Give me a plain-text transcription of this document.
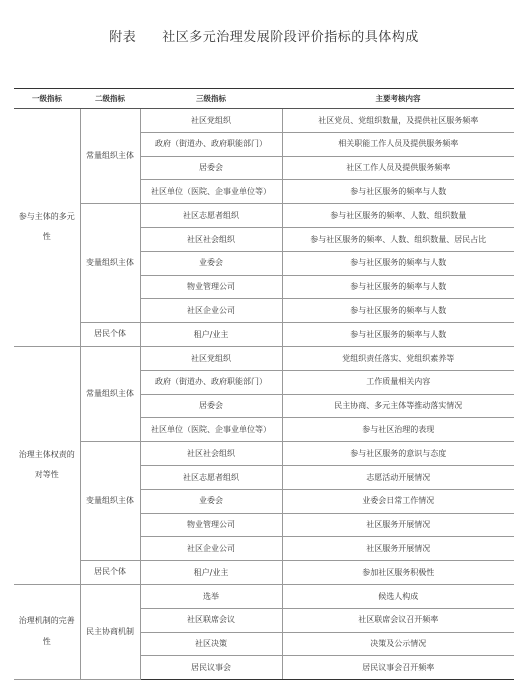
附表 社区多元治理发展阶段评价指标的具体构成
一级指标	二级指标	三级指标	主要考核内容
参与主体的多元性	常量组织主体	社区党组织	社区党员、党组织数量，及提供社区服务频率
		政府（街道办、政府职能部门）	相关职能工作人员及提供服务频率
		居委会	社区工作人员及提供服务频率
		社区单位（医院、企事业单位等）	参与社区服务的频率与人数
	变量组织主体	社区志愿者组织	参与社区服务的频率、人数、组织数量
		社区社会组织	参与社区服务的频率、人数、组织数量、居民占比
		业委会	参与社区服务的频率与人数
		物业管理公司	参与社区服务的频率与人数
		社区企业公司	参与社区服务的频率与人数
	居民个体	租户/业主	参与社区服务的频率与人数
治理主体权责的对等性	常量组织主体	社区党组织	党组织责任落实、党组织素养等
		政府（街道办、政府职能部门）	工作质量相关内容
		居委会	民主协商、多元主体等推动落实情况
		社区单位（医院、企事业单位等）	参与社区治理的表现
	变量组织主体	社区社会组织	参与社区服务的意识与态度
		社区志愿者组织	志愿活动开展情况
		业委会	业委会日常工作情况
		物业管理公司	社区服务开展情况
		社区企业公司	社区服务开展情况
	居民个体	租户/业主	参加社区服务积极性
治理机制的完善性	民主协商机制	选举	候选人构成
		社区联席会议	社区联席会议召开频率
		社区决策	决策及公示情况
		居民议事会	居民议事会召开频率
